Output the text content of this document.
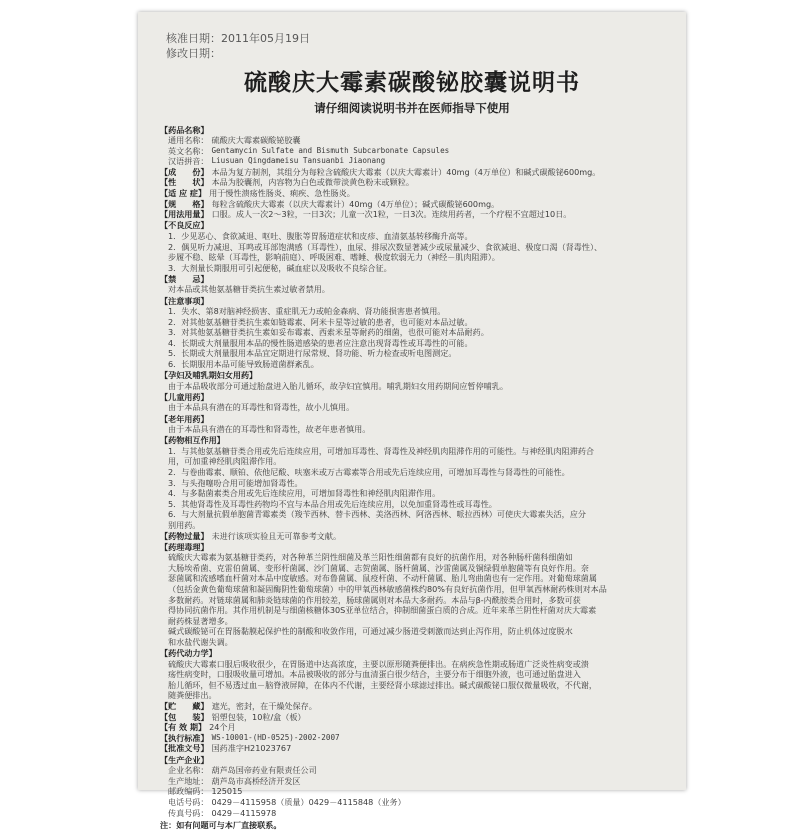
核准日期：2011年05月19日
修改日期：
硫酸庆大霉素碳酸铋胶囊说明书
请仔细阅读说明书并在医师指导下使用
【药品名称】
通用名称： 硫酸庆大霉素碳酸铋胶囊
英文名称： Gentamycin Sulfate and Bismuth Subcarbonate Capsules
汉语拼音： Liusuan Qingdameisu Tansuanbi Jiaonang
【成　　份】 本品为复方制剂，其组分为每粒含硫酸庆大霉素（以庆大霉素计）40mg（4万单位）和碱式碳酸铋600mg。
【性　　状】 本品为胶囊剂，内容物为白色或微带淡黄色粉末或颗粒。
【适 应 症】 用于慢性溃疡性肠炎、痢疾、急性肠炎。
【规　　格】 每粒含硫酸庆大霉素（以庆大霉素计）40mg（4万单位）；碱式碳酸铋600mg。
【用法用量】 口服。成人一次2～3粒，一日3次；儿童一次1粒，一日3次。连续用药者，一个疗程不宜超过10日。
【不良反应】
1．少见恶心、食欲减退、呕吐、腹胀等胃肠道症状和皮疹、血清氨基转移酶升高等。
2．偶见听力减退、耳鸣或耳部饱满感（耳毒性），血尿、排尿次数显著减少或尿量减少、食欲减退、极度口渴（肾毒性）、
步履不稳、眩晕（耳毒性，影响前庭）、呼吸困难、嗜睡、极度软弱无力（神经－肌肉阻滞）。
3．大剂量长期服用可引起便秘，碱血症以及吸收不良综合征。
【禁　　忌】
对本品或其他氨基糖苷类抗生素过敏者禁用。
【注意事项】
1．失水、第8对脑神经损害、重症肌无力或帕金森病、肾功能损害患者慎用。
2．对其他氨基糖苷类抗生素如链霉素、阿米卡星等过敏的患者，也可能对本品过敏。
3．对其他氨基糖苷类抗生素如妥布霉素、西索米星等耐药的细菌，也很可能对本品耐药。
4．长期或大剂量服用本品的慢性肠道感染的患者应注意出现肾毒性或耳毒性的可能。
5．长期或大剂量服用本品宜定期进行尿常规、肾功能、听力检查或听电图测定。
6．长期服用本品可能导致肠道菌群紊乱。
【孕妇及哺乳期妇女用药】
由于本品吸收部分可通过胎盘进入胎儿循环，故孕妇宜慎用。哺乳期妇女用药期间应暂停哺乳。
【儿童用药】
由于本品具有潜在的耳毒性和肾毒性，故小儿慎用。
【老年用药】
由于本品具有潜在的耳毒性和肾毒性，故老年患者慎用。
【药物相互作用】
1．与其他氨基糖苷类合用或先后连续应用，可增加耳毒性、肾毒性及神经肌肉阻滞作用的可能性。与神经肌肉阻滞药合
用，可加重神经肌肉阻滞作用。
2．与卷曲霉素、顺铂、依他尼酸、呋塞米或万古霉素等合用或先后连续应用，可增加耳毒性与肾毒性的可能性。
3．与头孢噻吩合用可能增加肾毒性。
4．与多黏菌素类合用或先后连续应用，可增加肾毒性和神经肌肉阻滞作用。
5．其他肾毒性及耳毒性药物均不宜与本品合用或先后连续应用，以免加重肾毒性或耳毒性。
6．与大剂量抗假单胞菌青霉素类（羧苄西林、替卡西林、美洛西林、阿洛西林、哌拉西林）可使庆大霉素失活，应分
别用药。
【药物过量】 未进行该项实验且无可靠参考文献。
【药理毒理】
硫酸庆大霉素为氨基糖苷类药，对各种革兰阴性细菌及革兰阳性细菌都有良好的抗菌作用，对各种肠杆菌科细菌如
大肠埃希菌、克雷伯菌属、变形杆菌属、沙门菌属、志贺菌属、肠杆菌属、沙雷菌属及铜绿假单胞菌等有良好作用。奈
瑟菌属和流感嗜血杆菌对本品中度敏感。对布鲁菌属、鼠疫杆菌、不动杆菌属、胎儿弯曲菌也有一定作用。对葡萄球菌属
（包括金黄色葡萄球菌和凝固酶阴性葡萄球菌）中的甲氧西林敏感菌株约80%有良好抗菌作用，但甲氧西林耐药株则对本品
多数耐药。对链球菌属和肺炎链球菌的作用较差，肠球菌属则对本品大多耐药。本品与β-内酰胺类合用时，多数可获
得协同抗菌作用。其作用机制是与细菌核糖体30S亚单位结合，抑制细菌蛋白质的合成。近年来革兰阴性杆菌对庆大霉素
耐药株显著增多。
碱式碳酸铋可在胃肠黏膜起保护性的制酸和收敛作用，可通过减少肠道受刺激而达到止泻作用，防止机体过度脱水
和水盐代谢失调。
【药代动力学】
硫酸庆大霉素口服后吸收很少，在胃肠道中达高浓度，主要以原形随粪便排出。在病疾急性期或肠道广泛炎性病变或溃
疡性病变时，口服吸收量可增加。本品被吸收的部分与血清蛋白很少结合，主要分布于细胞外液，也可通过胎盘进入
胎儿循环，但不易透过血－脑脊液屏障，在体内不代谢，主要经肾小球滤过排出。碱式碳酸铋口服仅微量吸收，不代谢，
随粪便排出。
【贮　　藏】 遮光，密封，在干燥处保存。
【包　　装】 铝塑包装，10粒/盒（板）
【有 效 期】 24个月
【执行标准】 WS-10001-(HD-0525)-2002-2007
【批准文号】 国药准字H21023767
【生产企业】
企业名称： 葫芦岛国帝药业有限责任公司
生产地址： 葫芦岛市高桥经济开发区
邮政编码： 125015
电话号码： 0429－4115958（质量）0429－4115848（业务）
传真号码： 0429－4115978
注：如有问题可与本厂直接联系。
